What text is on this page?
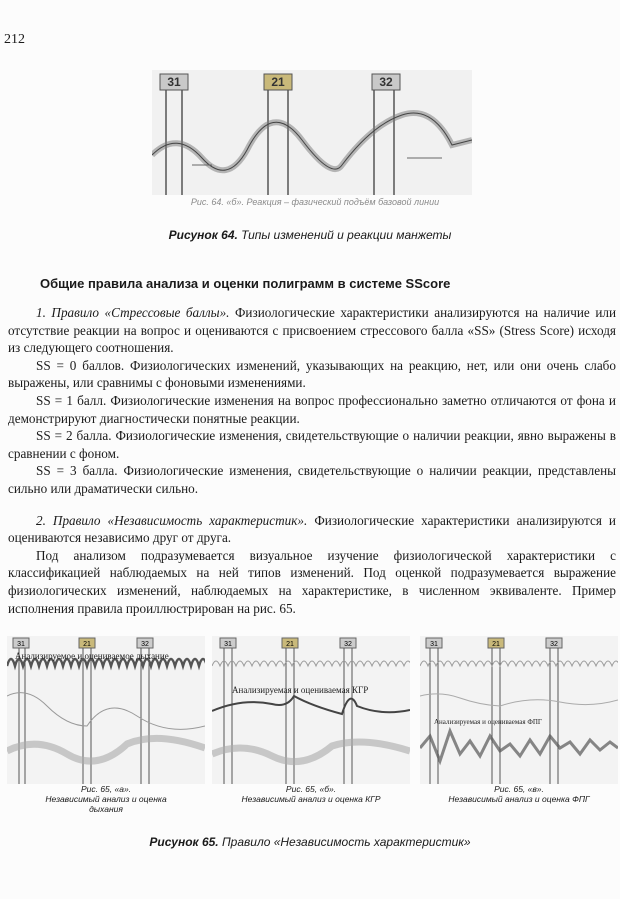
212
31	21	32
Рис. 64. «б». Реакция – фазический подъём базовой линии
Рисунок 64. Типы изменений и реакции манжеты
Общие правила анализа и оценки полиграмм в системе SScore

1. Правило «Стрессовые баллы». Физиологические характеристики анализируются на наличие или отсутствие реакции на вопрос и оцениваются с присвоением стрессового балла «SS» (Stress Score) исходя из следующего соотношения.

SS = 0 баллов. Физиологических изменений, указывающих на реакцию, нет, или они очень слабо выражены, или сравнимы с фоновыми изменениями.

SS = 1 балл. Физиологические изменения на вопрос профессионально заметно отличаются от фона и демонстрируют диагностически понятные реакции.

SS = 2 балла. Физиологические изменения, свидетельствующие о наличии реакции, явно выражены в сравнении с фоном.

SS = 3 балла. Физиологические изменения, свидетельствующие о наличии реакции, представлены сильно или драматически сильно.

2. Правило «Независимость характеристик». Физиологические характеристики анализируются и оцениваются независимо друг от друга.

Под анализом подразумевается визуальное изучение физиологической характеристики с классификацией наблюдаемых на ней типов изменений. Под оценкой подразумевается выражение физиологических изменений, наблюдаемых на характеристике, в численном эквиваленте. Пример исполнения правила проиллюстрирован на рис. 65.

31	21	32
Анализируемое и оцениваемое дыхание
31	21	32
Анализируемая и оцениваемая КГР
31	21	32
Анализируемая и оцениваемая ФПГ
Рис. 65, «а».
Независимый анализ и оценка
дыхания
Рис. 65, «б».
Независимый анализ и оценка КГР
Рис. 65, «в».
Независимый анализ и оценка ФПГ
Рисунок 65. Правило «Независимость характеристик»
